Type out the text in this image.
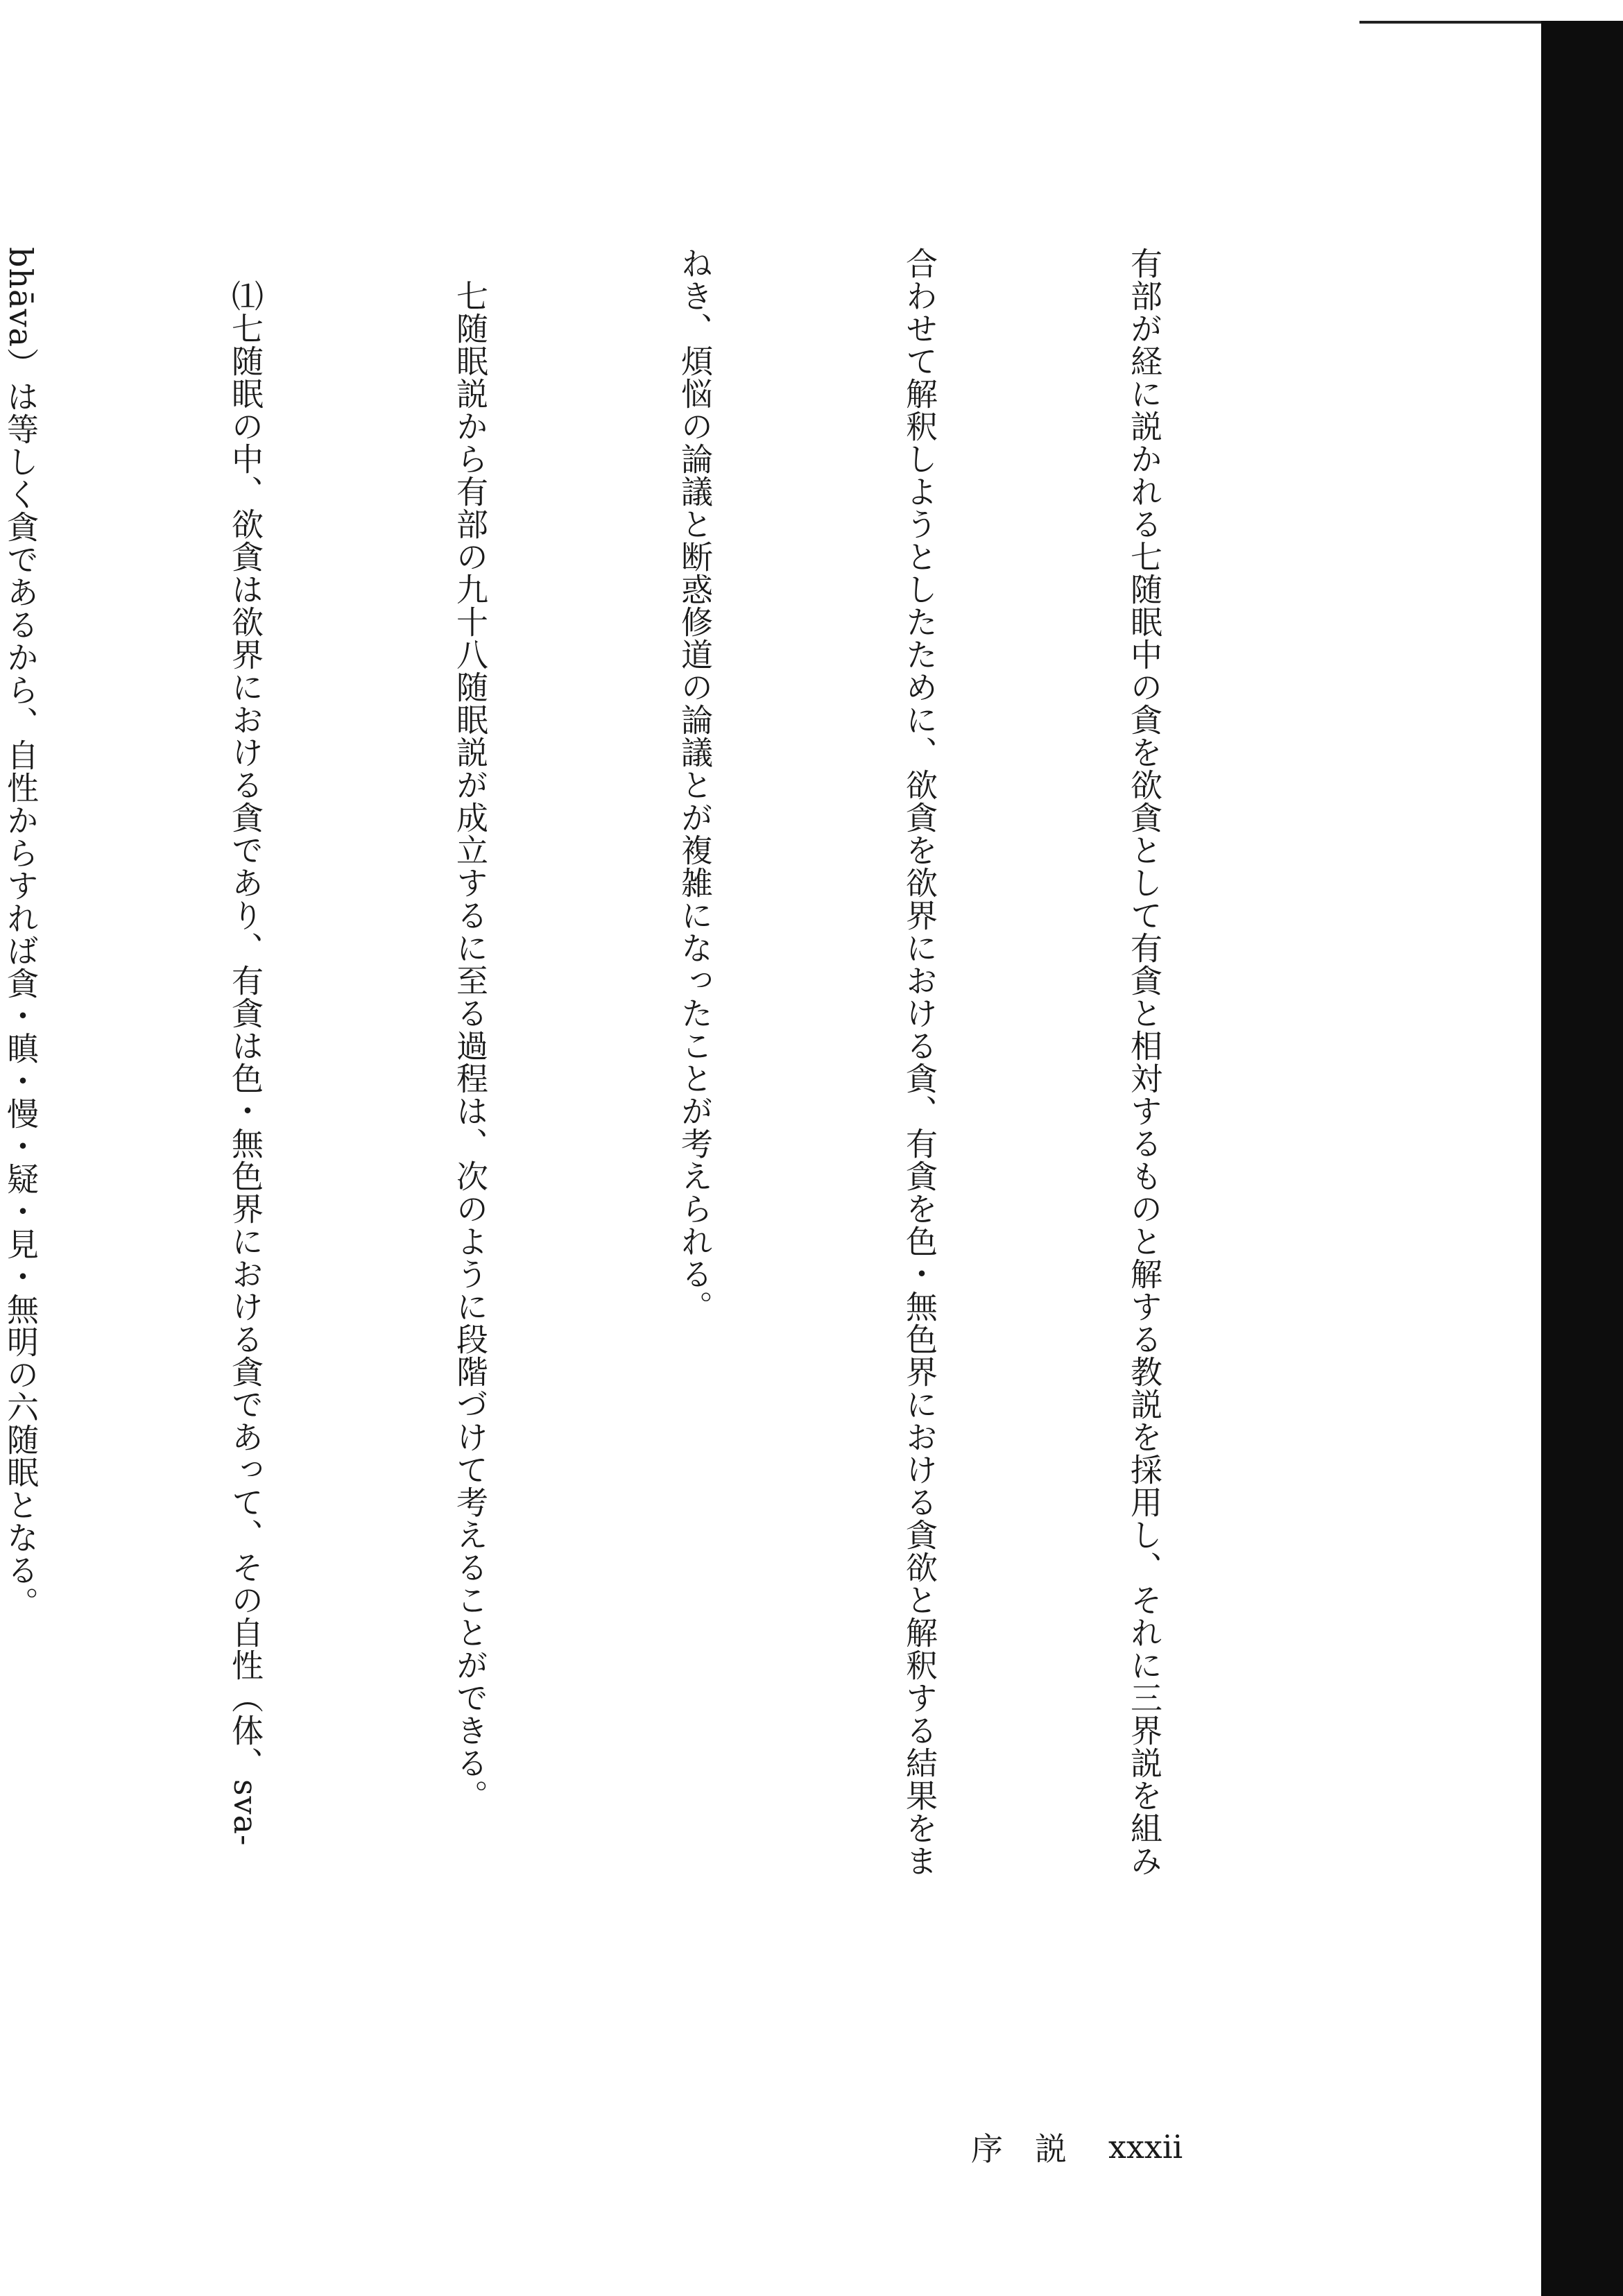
有部が経に説かれる七随眠中の貪を欲貪として有貪と相対するものと解する教説を採用し、それに三界説を組み

合わせて解釈しようとしたために、欲貪を欲界における貪、有貪を色・無色界における貪欲と解釈する結果をま

ねき、煩悩の論議と断惑修道の論議とが複雑になったことが考えられる。

　七随眠説から有部の九十八随眠説が成立するに至る過程は、次のように段階づけて考えることができる。

　⑴七随眠の中、欲貪は欲界における貪であり、有貪は色・無色界における貪であって、その自性（体、sva-

bhāva）は等しく貪であるから、自性からすれば貪・瞋・慢・疑・見・無明の六随眠となる。

序　説 xxxii
